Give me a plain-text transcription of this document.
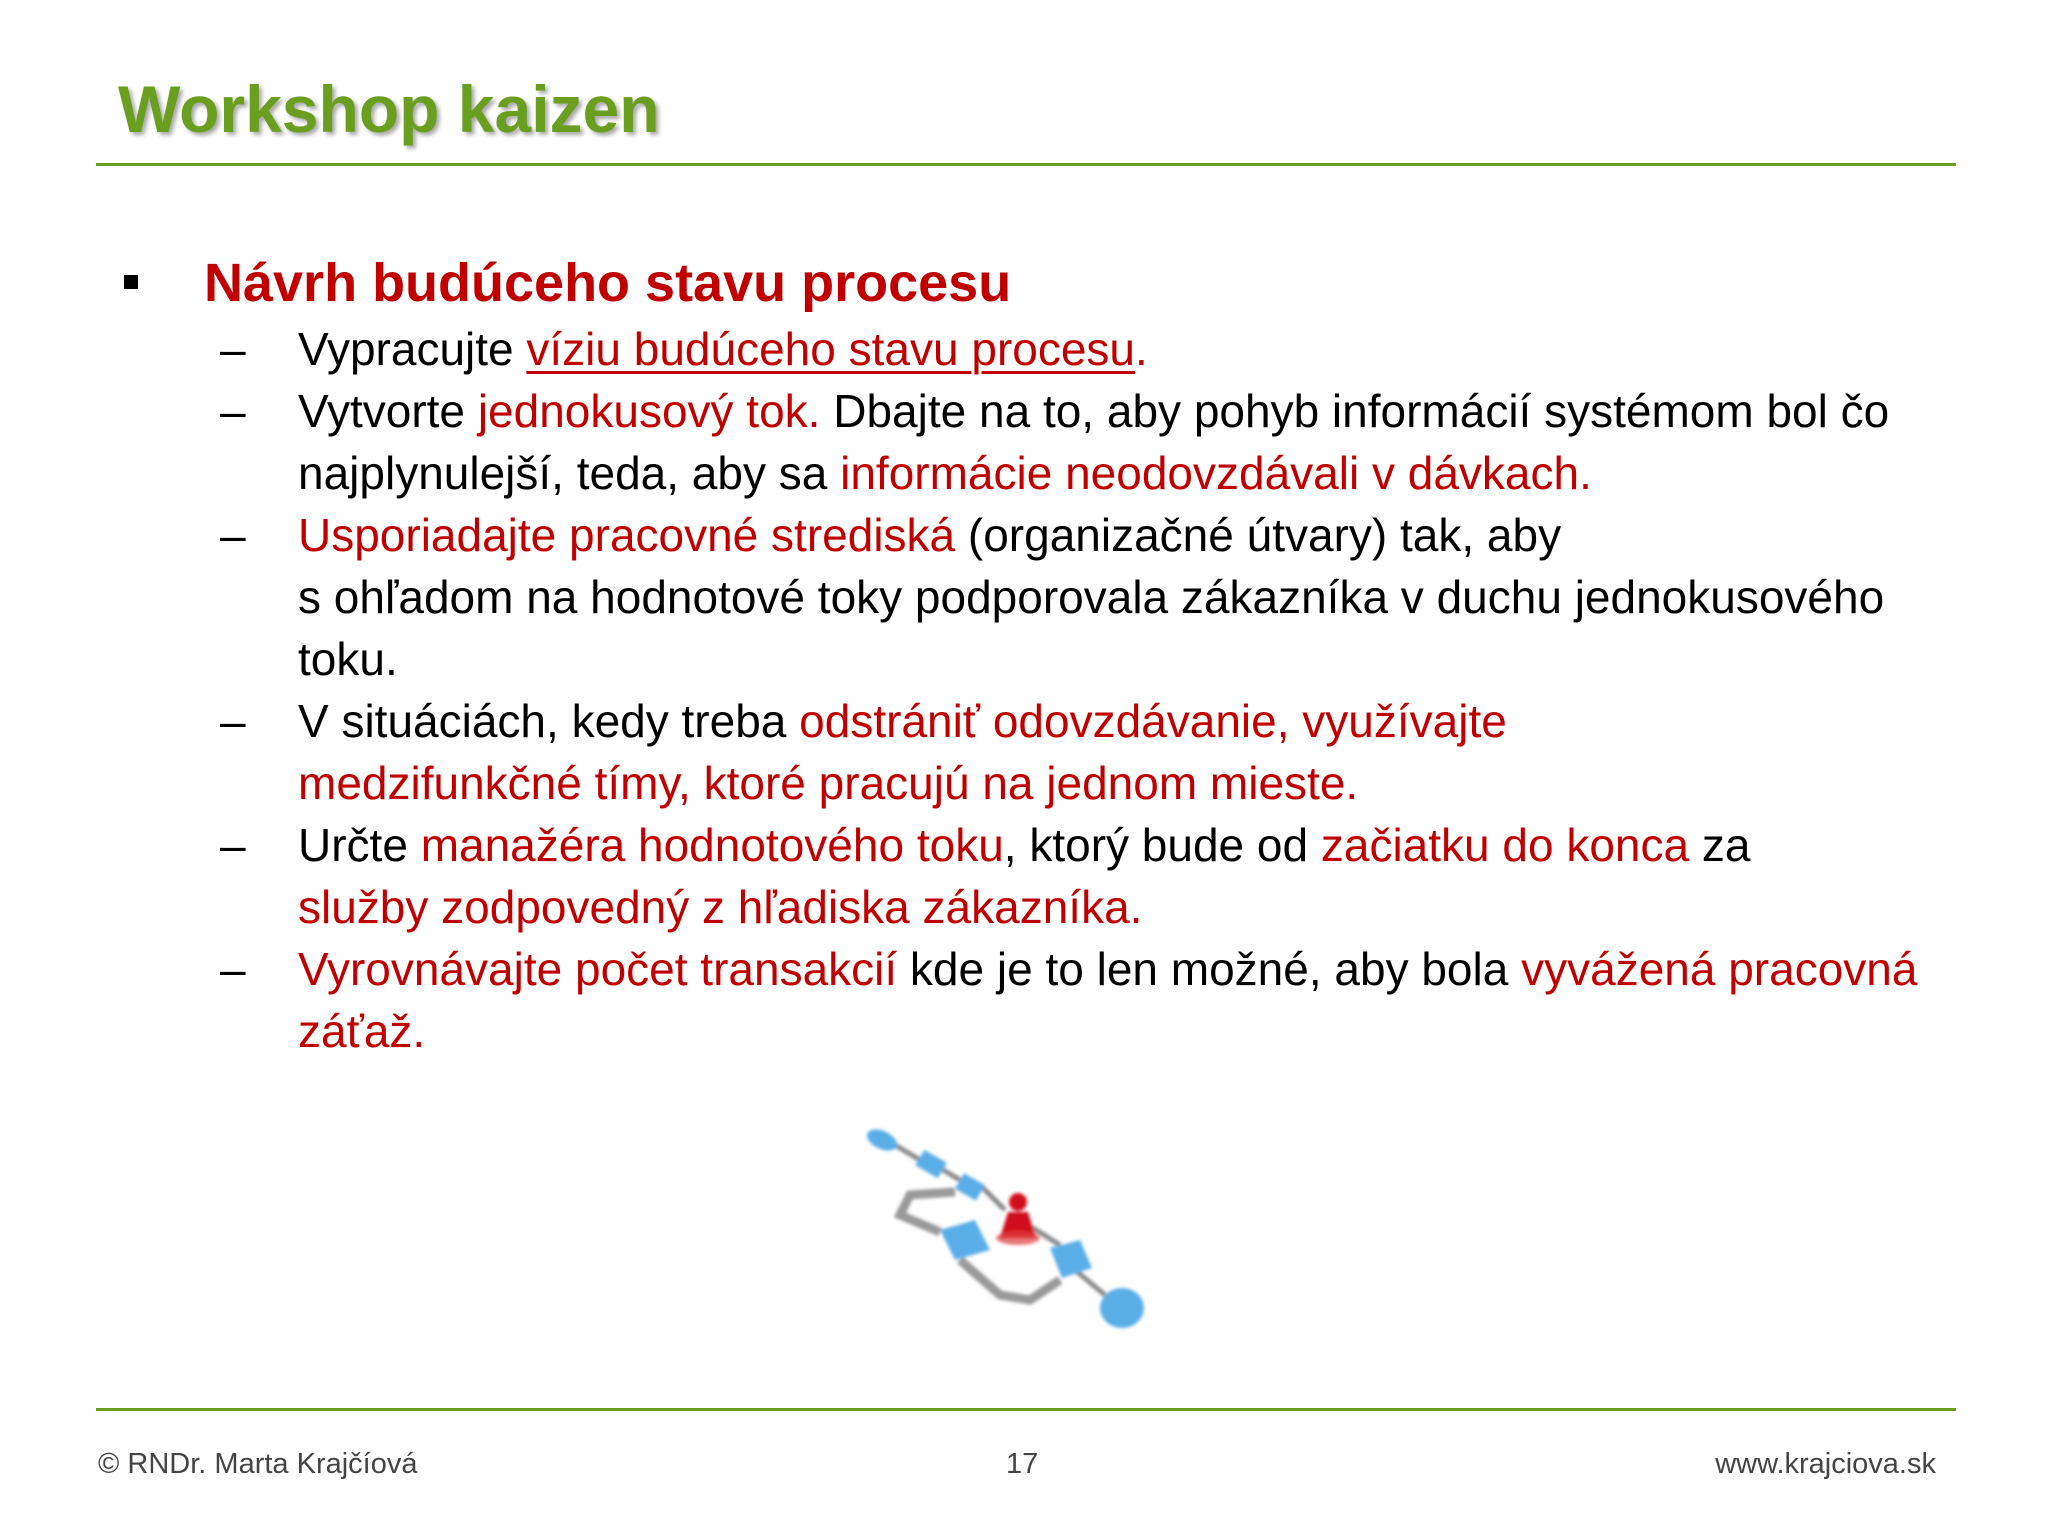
Workshop kaizen
Návrh budúceho stavu procesu
– Vypracujte víziu budúceho stavu procesu.
– Vytvorte jednokusový tok. Dbajte na to, aby pohyb informácií systémom bol čo najplynulejší, teda, aby sa informácie neodovzdávali v dávkach.
– Usporiadajte pracovné strediská (organizačné útvary) tak, aby
s ohľadom na hodnotové toky podporovala zákazníka v duchu jednokusového toku.
– V situáciách, kedy treba odstrániť odovzdávanie, využívajte
medzifunkčné tímy, ktoré pracujú na jednom mieste.
– Určte manažéra hodnotového toku, ktorý bude od začiatku do konca za
služby zodpovedný z hľadiska zákazníka.
– Vyrovnávajte počet transakcií kde je to len možné, aby bola vyvážená pracovná záťaž.
© RNDr. Marta Krajčíová	17	www.krajciova.sk
